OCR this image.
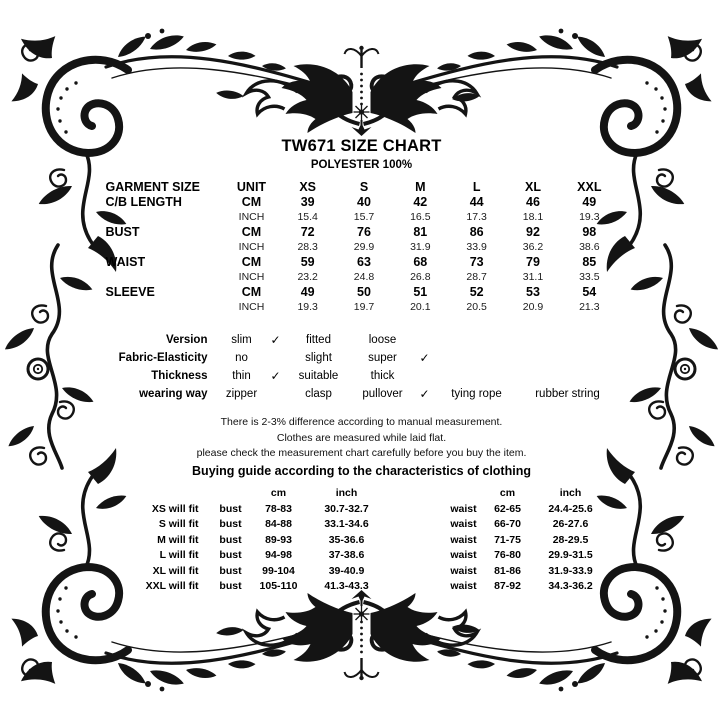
TW671 SIZE CHART
POLYESTER 100%
GARMENT SIZE	UNIT	XS	S	M	L	XL	XXL
C/B LENGTH	CM	39	40	42	44	46	49
	INCH	15.4	15.7	16.5	17.3	18.1	19.3
BUST	CM	72	76	81	86	92	98
	INCH	28.3	29.9	31.9	33.9	36.2	38.6
WAIST	CM	59	63	68	73	79	85
	INCH	23.2	24.8	26.8	28.7	31.1	33.5
SLEEVE	CM	49	50	51	52	53	54
	INCH	19.3	19.7	20.1	20.5	20.9	21.3
Version	slim	✓	fitted	loose			
Fabric-Elasticity	no		slight	super	✓		
Thickness	thin	✓	suitable	thick			
wearing way	zipper		clasp	pullover	✓	tying rope	rubber string
There is 2-3% difference according to manual measurement.
Clothes are measured while laid flat.
please check the measurement chart carefully before you buy the item.
Buying guide according to the characteristics of clothing
		cm	inch			cm	inch
XS will fit	bust	78-83	30.7-32.7		waist	62-65	24.4-25.6
S will fit	bust	84-88	33.1-34.6		waist	66-70	26-27.6
M will fit	bust	89-93	35-36.6		waist	71-75	28-29.5
L will fit	bust	94-98	37-38.6		waist	76-80	29.9-31.5
XL will fit	bust	99-104	39-40.9		waist	81-86	31.9-33.9
XXL will fit	bust	105-110	41.3-43.3		waist	87-92	34.3-36.2
